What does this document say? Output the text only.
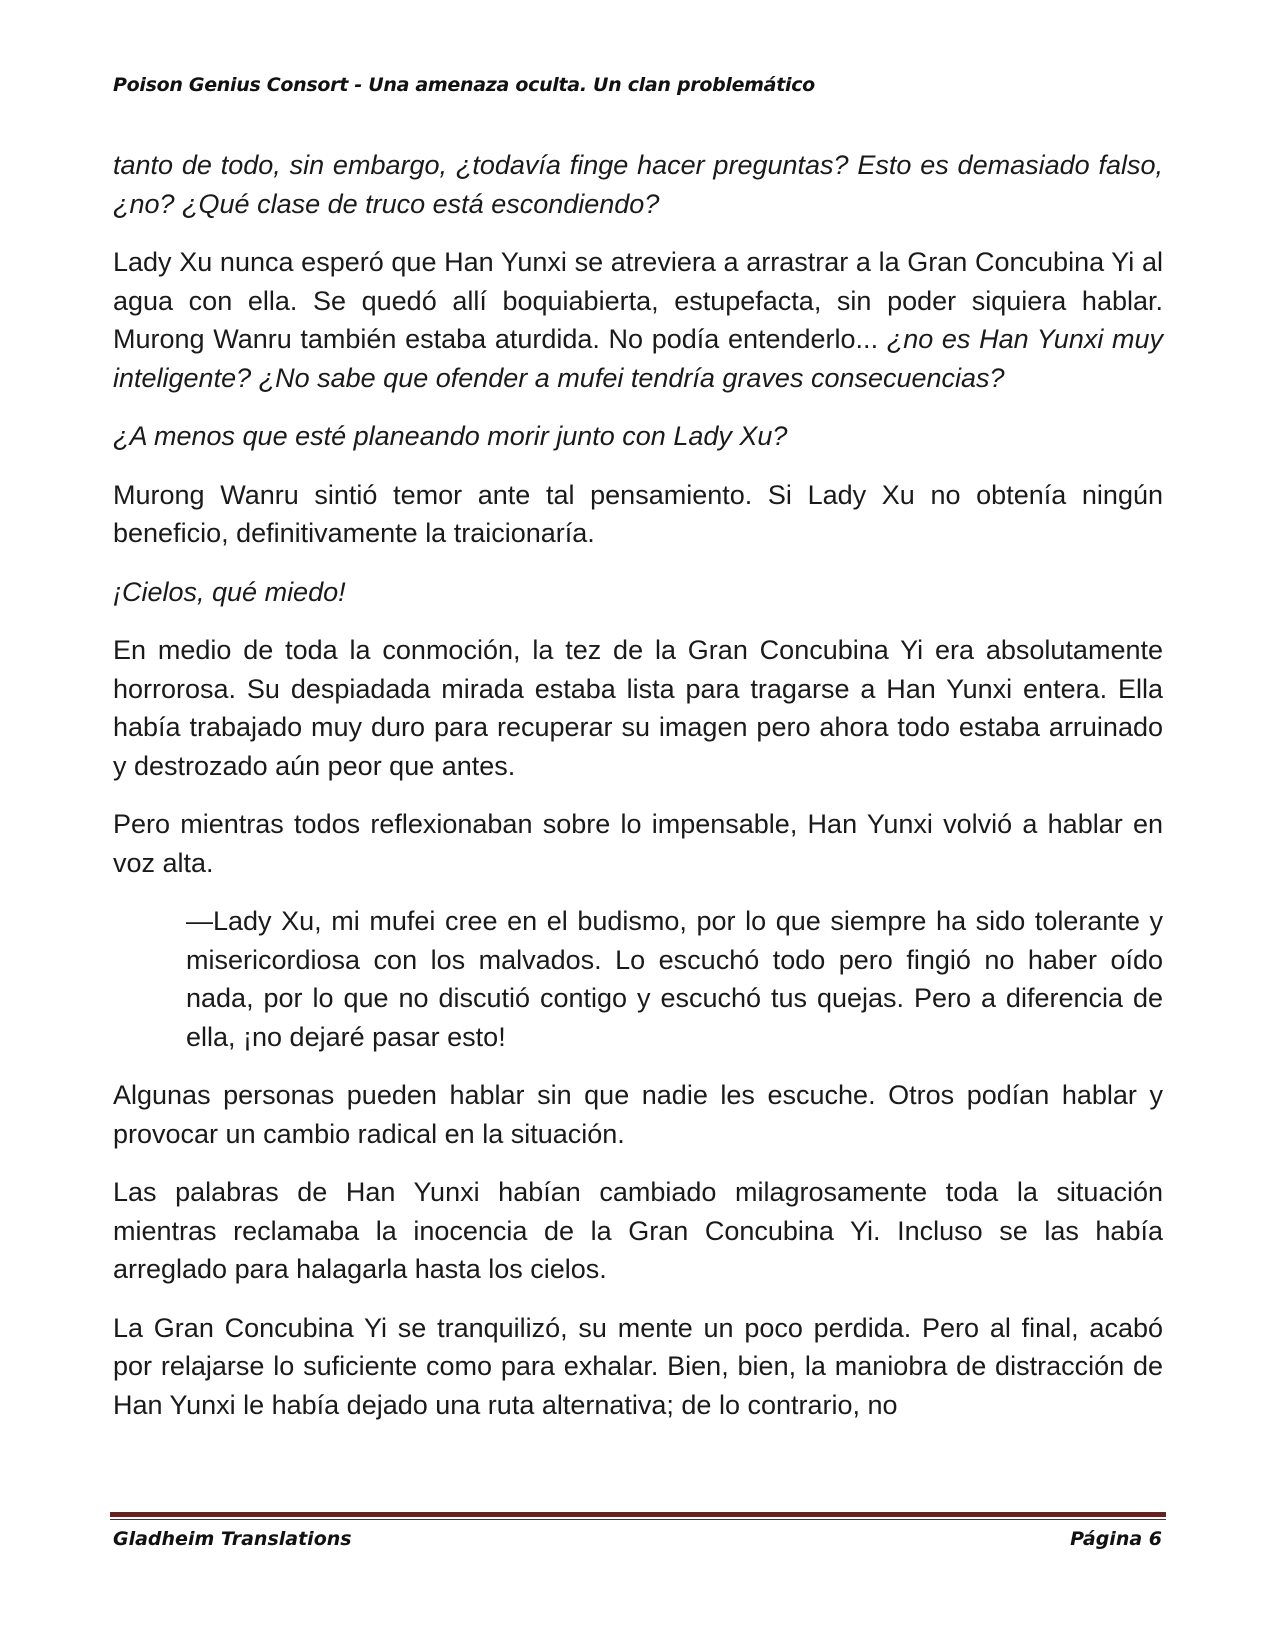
Poison Genius Consort - Una amenaza oculta. Un clan problemático

tanto de todo, sin embargo, ¿todavía finge hacer preguntas? Esto es demasiado falso, ¿no? ¿Qué clase de truco está escondiendo?

Lady Xu nunca esperó que Han Yunxi se atreviera a arrastrar a la Gran Concubina Yi al agua con ella. Se quedó allí boquiabierta, estupefacta, sin poder siquiera hablar. Murong Wanru también estaba aturdida. No podía entenderlo... ¿no es Han Yunxi muy inteligente? ¿No sabe que ofender a mufei tendría graves consecuencias?

¿A menos que esté planeando morir junto con Lady Xu?

Murong Wanru sintió temor ante tal pensamiento. Si Lady Xu no obtenía ningún beneficio, definitivamente la traicionaría.

¡Cielos, qué miedo!

En medio de toda la conmoción, la tez de la Gran Concubina Yi era absolutamente horrorosa. Su despiadada mirada estaba lista para tragarse a Han Yunxi entera. Ella había trabajado muy duro para recuperar su imagen pero ahora todo estaba arruinado y destrozado aún peor que antes.

Pero mientras todos reflexionaban sobre lo impensable, Han Yunxi volvió a hablar en voz alta.

—Lady Xu, mi mufei cree en el budismo, por lo que siempre ha sido tolerante y misericordiosa con los malvados. Lo escuchó todo pero fingió no haber oído nada, por lo que no discutió contigo y escuchó tus quejas. Pero a diferencia de ella, ¡no dejaré pasar esto!

Algunas personas pueden hablar sin que nadie les escuche. Otros podían hablar y provocar un cambio radical en la situación.

Las palabras de Han Yunxi habían cambiado milagrosamente toda la situación mientras reclamaba la inocencia de la Gran Concubina Yi. Incluso se las había arreglado para halagarla hasta los cielos.

La Gran Concubina Yi se tranquilizó, su mente un poco perdida. Pero al final, acabó por relajarse lo suficiente como para exhalar. Bien, bien, la maniobra de distracción de Han Yunxi le había dejado una ruta alternativa; de lo contrario, no

Gladheim Translations	Página 6
